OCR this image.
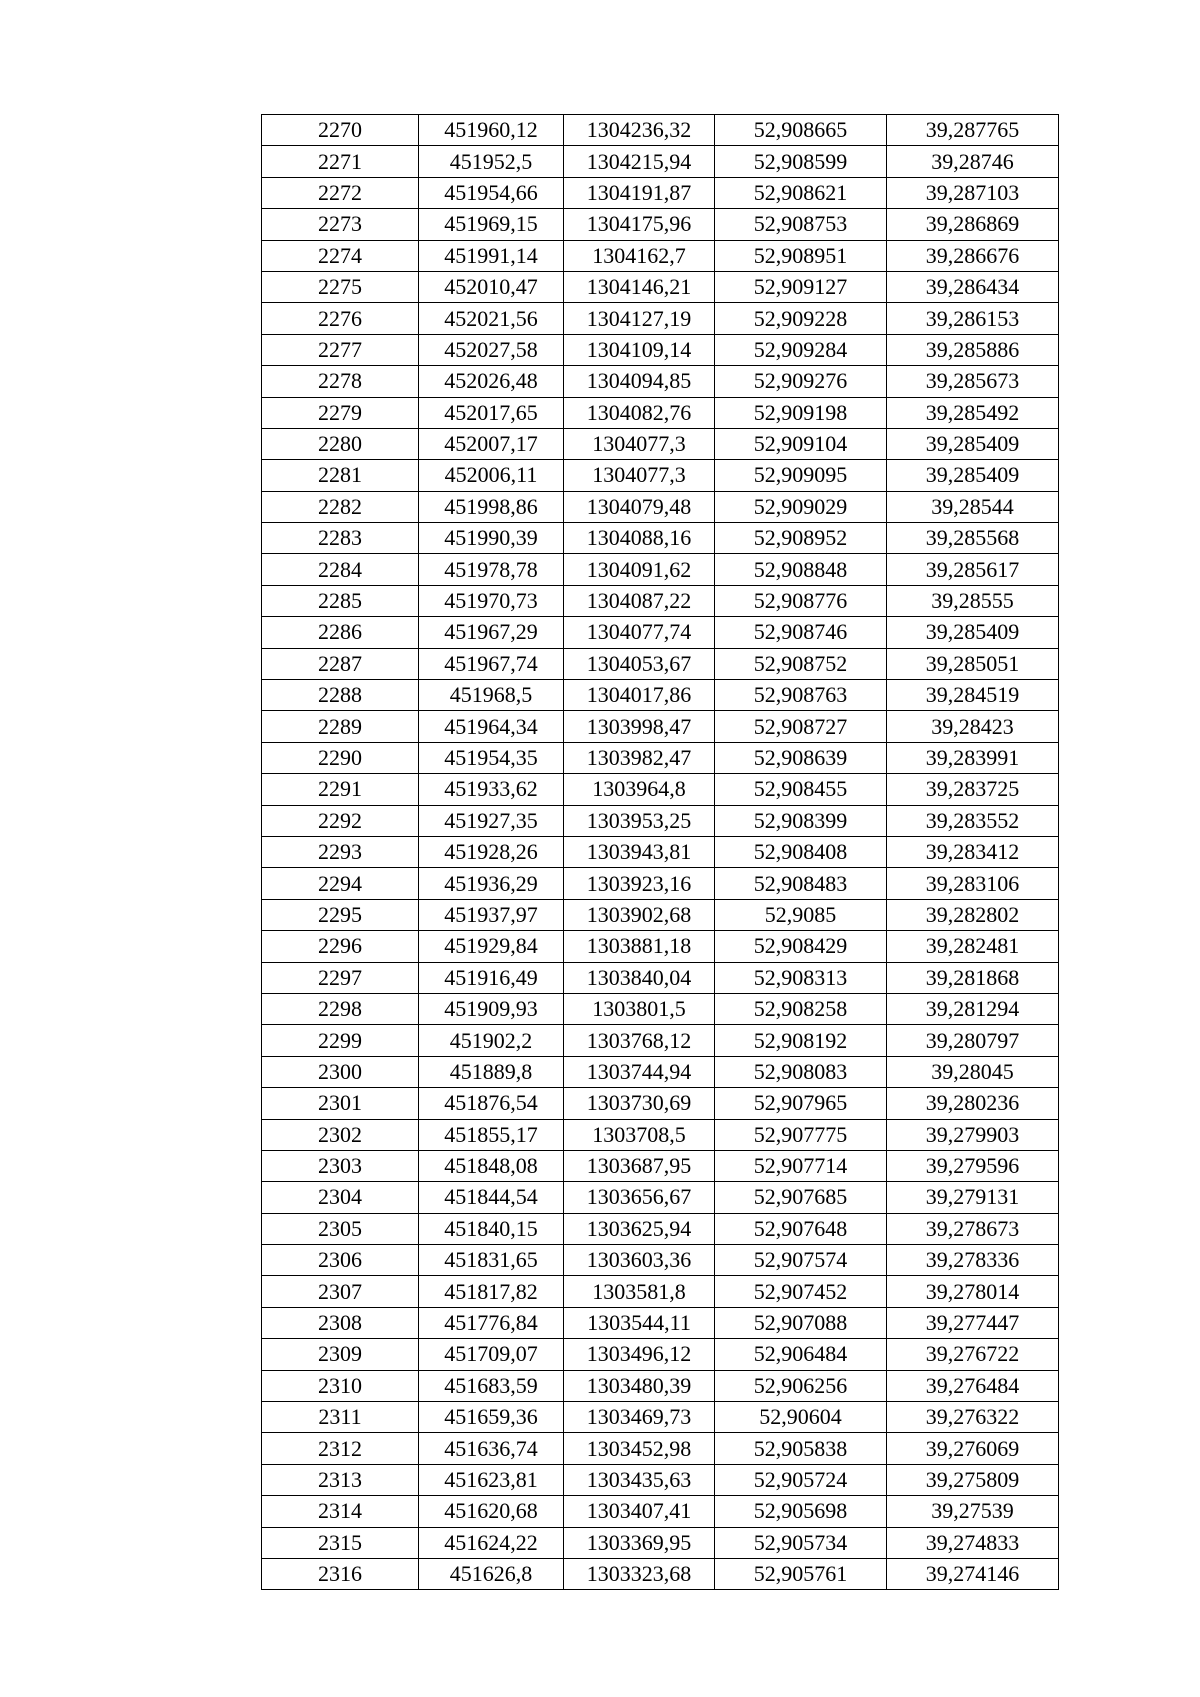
2270	451960,12	1304236,32	52,908665	39,287765
2271	451952,5	1304215,94	52,908599	39,28746
2272	451954,66	1304191,87	52,908621	39,287103
2273	451969,15	1304175,96	52,908753	39,286869
2274	451991,14	1304162,7	52,908951	39,286676
2275	452010,47	1304146,21	52,909127	39,286434
2276	452021,56	1304127,19	52,909228	39,286153
2277	452027,58	1304109,14	52,909284	39,285886
2278	452026,48	1304094,85	52,909276	39,285673
2279	452017,65	1304082,76	52,909198	39,285492
2280	452007,17	1304077,3	52,909104	39,285409
2281	452006,11	1304077,3	52,909095	39,285409
2282	451998,86	1304079,48	52,909029	39,28544
2283	451990,39	1304088,16	52,908952	39,285568
2284	451978,78	1304091,62	52,908848	39,285617
2285	451970,73	1304087,22	52,908776	39,28555
2286	451967,29	1304077,74	52,908746	39,285409
2287	451967,74	1304053,67	52,908752	39,285051
2288	451968,5	1304017,86	52,908763	39,284519
2289	451964,34	1303998,47	52,908727	39,28423
2290	451954,35	1303982,47	52,908639	39,283991
2291	451933,62	1303964,8	52,908455	39,283725
2292	451927,35	1303953,25	52,908399	39,283552
2293	451928,26	1303943,81	52,908408	39,283412
2294	451936,29	1303923,16	52,908483	39,283106
2295	451937,97	1303902,68	52,9085	39,282802
2296	451929,84	1303881,18	52,908429	39,282481
2297	451916,49	1303840,04	52,908313	39,281868
2298	451909,93	1303801,5	52,908258	39,281294
2299	451902,2	1303768,12	52,908192	39,280797
2300	451889,8	1303744,94	52,908083	39,28045
2301	451876,54	1303730,69	52,907965	39,280236
2302	451855,17	1303708,5	52,907775	39,279903
2303	451848,08	1303687,95	52,907714	39,279596
2304	451844,54	1303656,67	52,907685	39,279131
2305	451840,15	1303625,94	52,907648	39,278673
2306	451831,65	1303603,36	52,907574	39,278336
2307	451817,82	1303581,8	52,907452	39,278014
2308	451776,84	1303544,11	52,907088	39,277447
2309	451709,07	1303496,12	52,906484	39,276722
2310	451683,59	1303480,39	52,906256	39,276484
2311	451659,36	1303469,73	52,90604	39,276322
2312	451636,74	1303452,98	52,905838	39,276069
2313	451623,81	1303435,63	52,905724	39,275809
2314	451620,68	1303407,41	52,905698	39,27539
2315	451624,22	1303369,95	52,905734	39,274833
2316	451626,8	1303323,68	52,905761	39,274146
